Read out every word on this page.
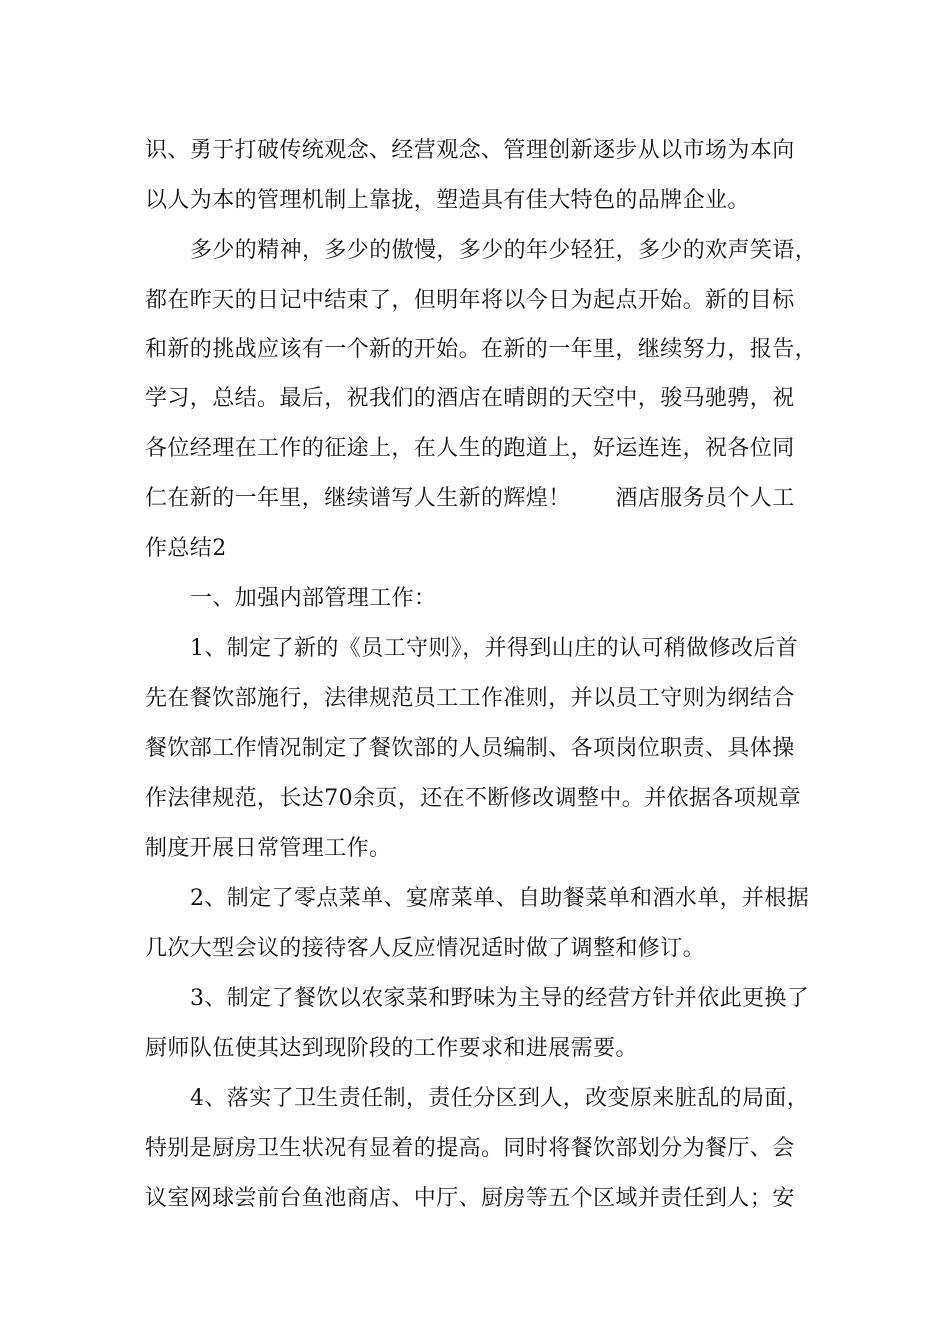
识、勇于打破传统观念、经营观念、管理创新逐步从以市场为本向
以人为本的管理机制上靠拢，塑造具有佳大特色的品牌企业。
多少的精神，多少的傲慢，多少的年少轻狂，多少的欢声笑语，
都在昨天的日记中结束了，但明年将以今日为起点开始。新的目标
和新的挑战应该有一个新的开始。在新的一年里，继续努力，报告，
学习，总结。最后，祝我们的酒店在晴朗的天空中，骏马驰骋，祝
各位经理在工作的征途上，在人生的跑道上，好运连连，祝各位同
仁在新的一年里，继续谱写人生新的辉煌！　　酒店服务员个人工
作总结2
一、加强内部管理工作：
1、制定了新的《员工守则》，并得到山庄的认可稍做修改后首
先在餐饮部施行，法律规范员工工作准则，并以员工守则为纲结合
餐饮部工作情况制定了餐饮部的人员编制、各项岗位职责、具体操
作法律规范，长达70余页，还在不断修改调整中。并依据各项规章
制度开展日常管理工作。
2、制定了零点菜单、宴席菜单、自助餐菜单和酒水单，并根据
几次大型会议的接待客人反应情况适时做了调整和修订。
3、制定了餐饮以农家菜和野味为主导的经营方针并依此更换了
厨师队伍使其达到现阶段的工作要求和进展需要。
4、落实了卫生责任制，责任分区到人，改变原来脏乱的局面，
特别是厨房卫生状况有显着的提高。同时将餐饮部划分为餐厅、会
议室网球尝前台鱼池商店、中厅、厨房等五个区域并责任到人；安
